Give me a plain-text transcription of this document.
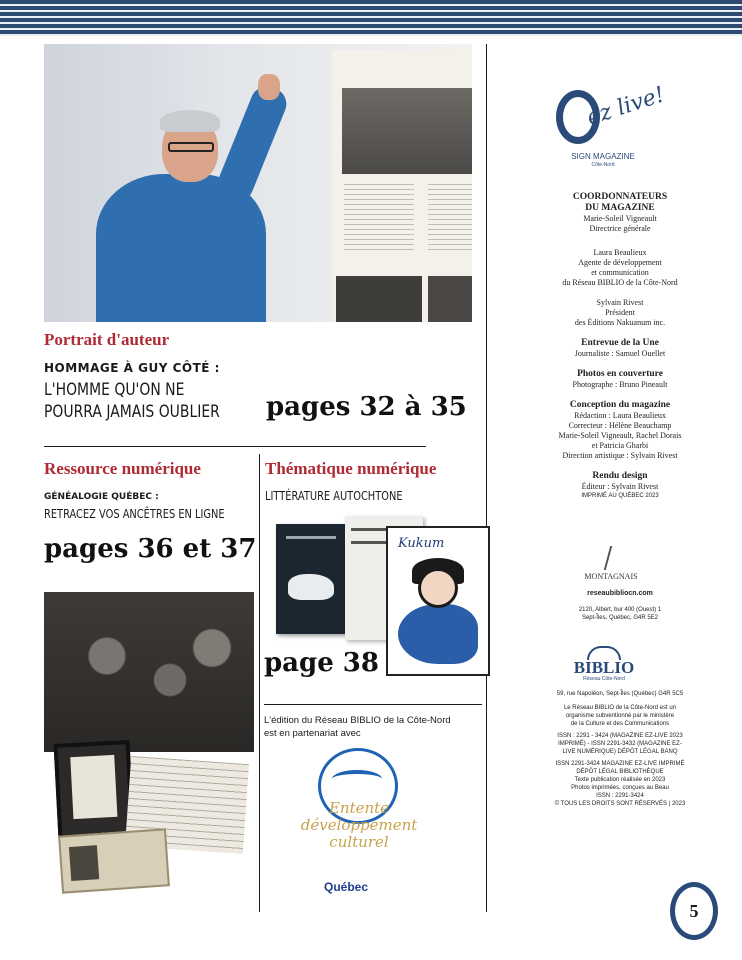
Portrait d'auteur
HOMMAGE À GUY CÔTÉ :
L'HOMME QU'ON NE
POURRA JAMAIS OUBLIER pages 32 à 35
Ressource numérique
GÉNÉALOGIE QUÉBEC :
RETRACEZ VOS ANCÊTRES EN LIGNE
pages 36 et 37
Thématique numérique
LITTÉRATURE AUTOCHTONE
Kukum
page 38
L'édition du Réseau BIBLIO de la Côte-Nord
est en partenariat avec
Entente
développement
culturel
Québec
ez live!
SIGN MAGAZINE
Côte-Nord
COORDONNATEURS
DU MAGAZINE
Marie-Soleil Vigneault
Directrice générale
Laura Beaulieux
Agente de développement
et communication
du Réseau BIBLIO de la Côte-Nord
Sylvain Rivest
Président
des Éditions Nakuanum inc.
Entrevue de la Une
Journaliste : Samuel Ouellet
Photos en couverture
Photographe : Bruno Pineault
Conception du magazine
Rédaction : Laura Beaulieux
Correcteur : Hélène Beauchamp
Marie-Soleil Vigneault, Rachel Dorais
et Patricia Gharbi
Direction artistique : Sylvain Rivest
Rendu design
Éditeur : Sylvain Rivest
IMPRIMÉ AU QUÉBEC 2023
MONTAGNAIS
reseaubibliocn.com
2120, Albert, bur 400 (Ouest) 1
Sept-Îles, Québec, G4R 5E2
BIBLIO
Réseau Côte-Nord
59, rue Napoléon, Sept-Îles (Québec) G4R 5C5
Le Réseau BIBLIO de la Côte-Nord est un
organisme subventionné par le ministère
de la Culture et des Communications
ISSN : 2291 - 3424 (MAGAZINE EZ-LIVE 2023
IMPRIMÉ) - ISSN 2291-3432 (MAGAZINE EZ-
LIVE NUMÉRIQUE) DÉPÔT LÉGAL BANQ
ISSN 2291-3424 MAGAZINE EZ-LIVE IMPRIMÉ
DÉPÔT LÉGAL BIBLIOTHÈQUE
Texte publication réalisée en 2023
Photos imprimées, conçues au Beau
ISSN : 2291-3424
© TOUS LES DROITS SONT RÉSERVÉS | 2023
5
